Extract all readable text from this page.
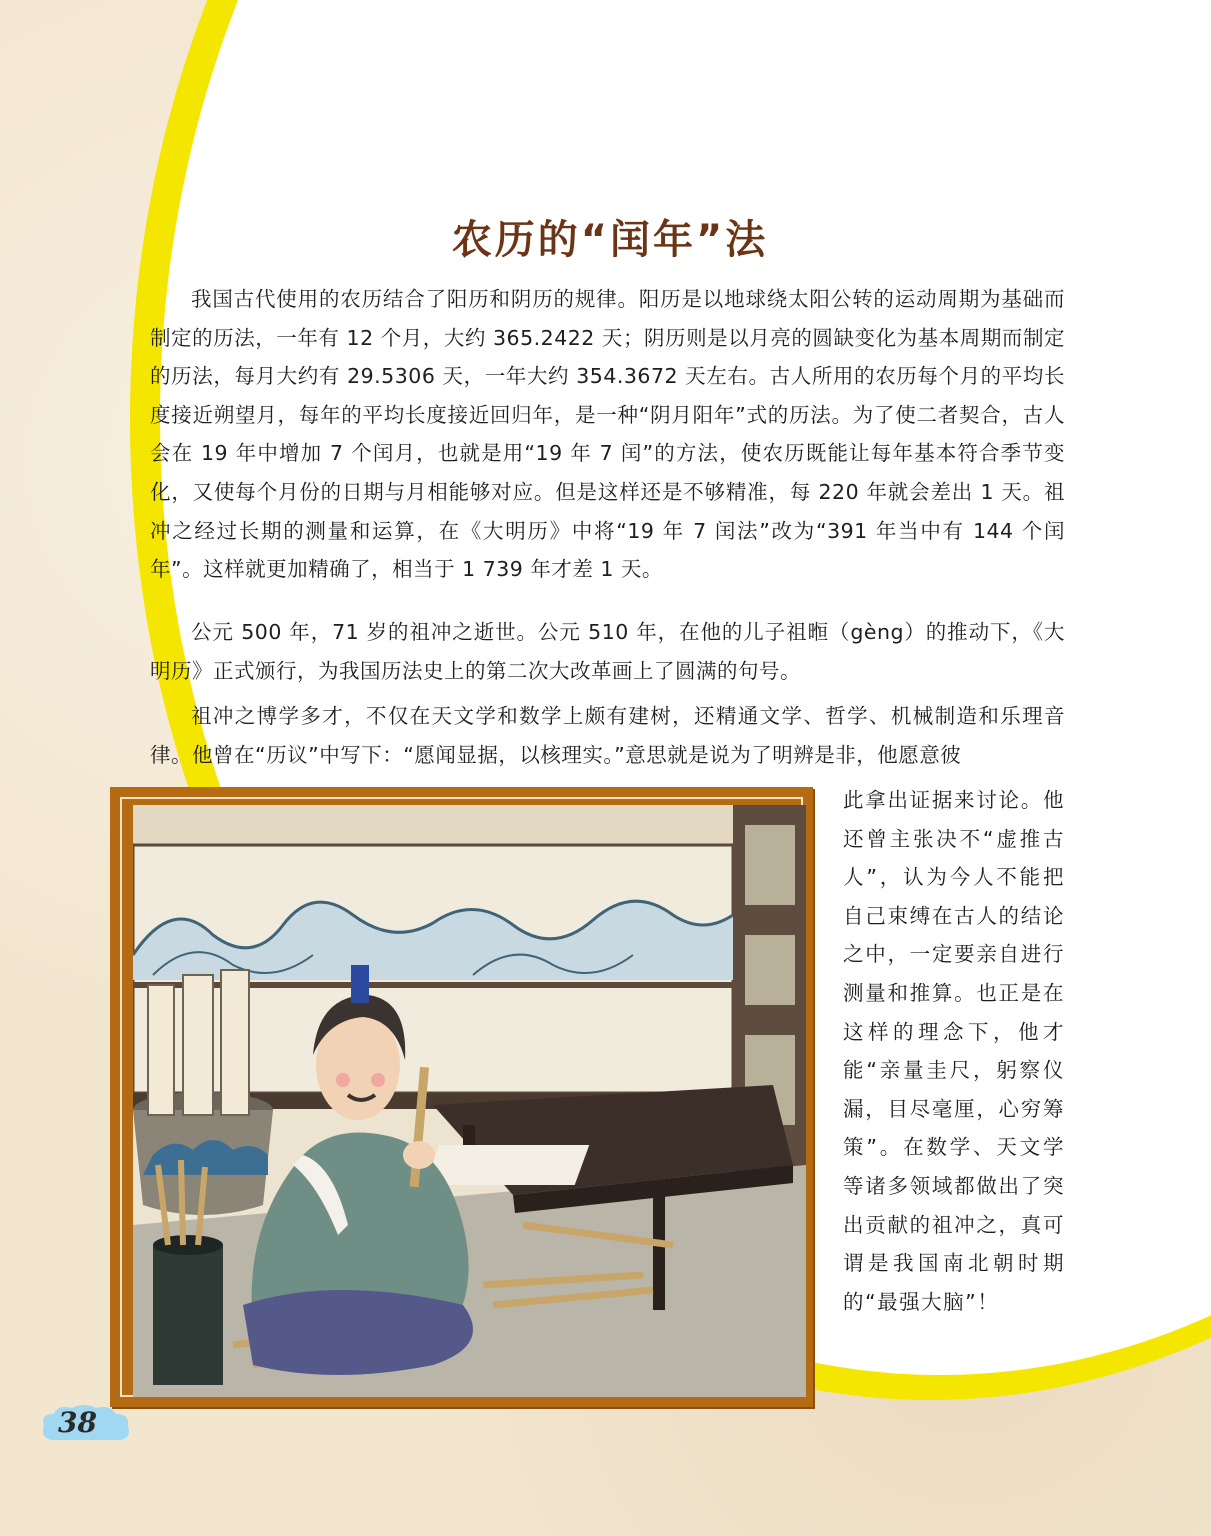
农历的“闰年”法

我国古代使用的农历结合了阳历和阴历的规律。阳历是以地球绕太阳公转的运动周期为基础而制定的历法，一年有 12 个月，大约 365.2422 天；阴历则是以月亮的圆缺变化为基本周期而制定的历法，每月大约有 29.5306 天，一年大约 354.3672 天左右。古人所用的农历每个月的平均长度接近朔望月，每年的平均长度接近回归年，是一种“阴月阳年”式的历法。为了使二者契合，古人会在 19 年中增加 7 个闰月，也就是用“19 年 7 闰”的方法，使农历既能让每年基本符合季节变化，又使每个月份的日期与月相能够对应。但是这样还是不够精准，每 220 年就会差出 1 天。祖冲之经过长期的测量和运算，在《大明历》中将“19 年 7 闰法”改为“391 年当中有 144 个闰年”。这样就更加精确了，相当于 1 739 年才差 1 天。

公元 500 年，71 岁的祖冲之逝世。公元 510 年，在他的儿子祖暅（gèng）的推动下，《大明历》正式颁行，为我国历法史上的第二次大改革画上了圆满的句号。

祖冲之博学多才，不仅在天文学和数学上颇有建树，还精通文学、哲学、机械制造和乐理音律。他曾在“历议”中写下：“愿闻显据，以核理实。”意思就是说为了明辨是非，他愿意彼

此拿出证据来讨论。他还曾主张决不“虚推古人”，认为今人不能把自己束缚在古人的结论之中，一定要亲自进行测量和推算。也正是在这样的理念下，他才能“亲量圭尺，躬察仪漏，目尽毫厘，心穷筹策”。在数学、天文学等诸多领域都做出了突出贡献的祖冲之，真可谓是我国南北朝时期的“最强大脑”！

38
